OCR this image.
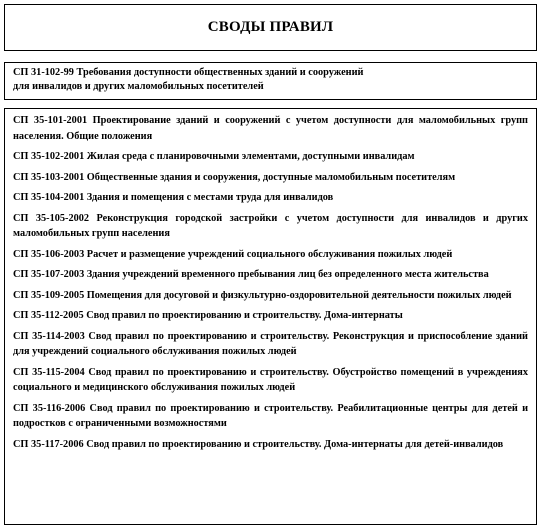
СВОДЫ ПРАВИЛ

СП 31-102-99 Требования доступности общественных зданий и сооружений

для инвалидов и других маломобильных посетителей

СП 35-101-2001 Проектирование зданий и сооружений с учетом доступности для маломобильных групп населения. Общие положения

СП 35-102-2001 Жилая среда с планировочными элементами, доступными инвалидам

СП 35-103-2001 Общественные здания и сооружения, доступные маломобильным посетителям

СП 35-104-2001 Здания и помещения с местами труда для инвалидов

СП 35-105-2002 Реконструкция городской застройки с учетом доступности для инвалидов и других маломобильных групп населения

СП 35-106-2003 Расчет и размещение учреждений социального обслуживания пожилых людей

СП 35-107-2003 Здания учреждений временного пребывания лиц без определенного места жительства

СП 35-109-2005 Помещения для досуговой и физкультурно-оздоровительной деятельности пожилых людей

СП 35-112-2005 Свод правил по проектированию и строительству. Дома-интернаты

СП 35-114-2003 Свод правил по проектированию и строительству. Реконструкция и приспособление зданий для учреждений социального обслуживания пожилых людей

СП 35-115-2004 Свод правил по проектированию и строительству. Обустройство помещений в учреждениях социального и медицинского обслуживания пожилых людей

СП 35-116-2006 Свод правил по проектированию и строительству. Реабилитационные центры для детей и подростков с ограниченными возможностями

СП 35-117-2006 Свод правил по проектированию и строительству. Дома-интернаты для детей-инвалидов
